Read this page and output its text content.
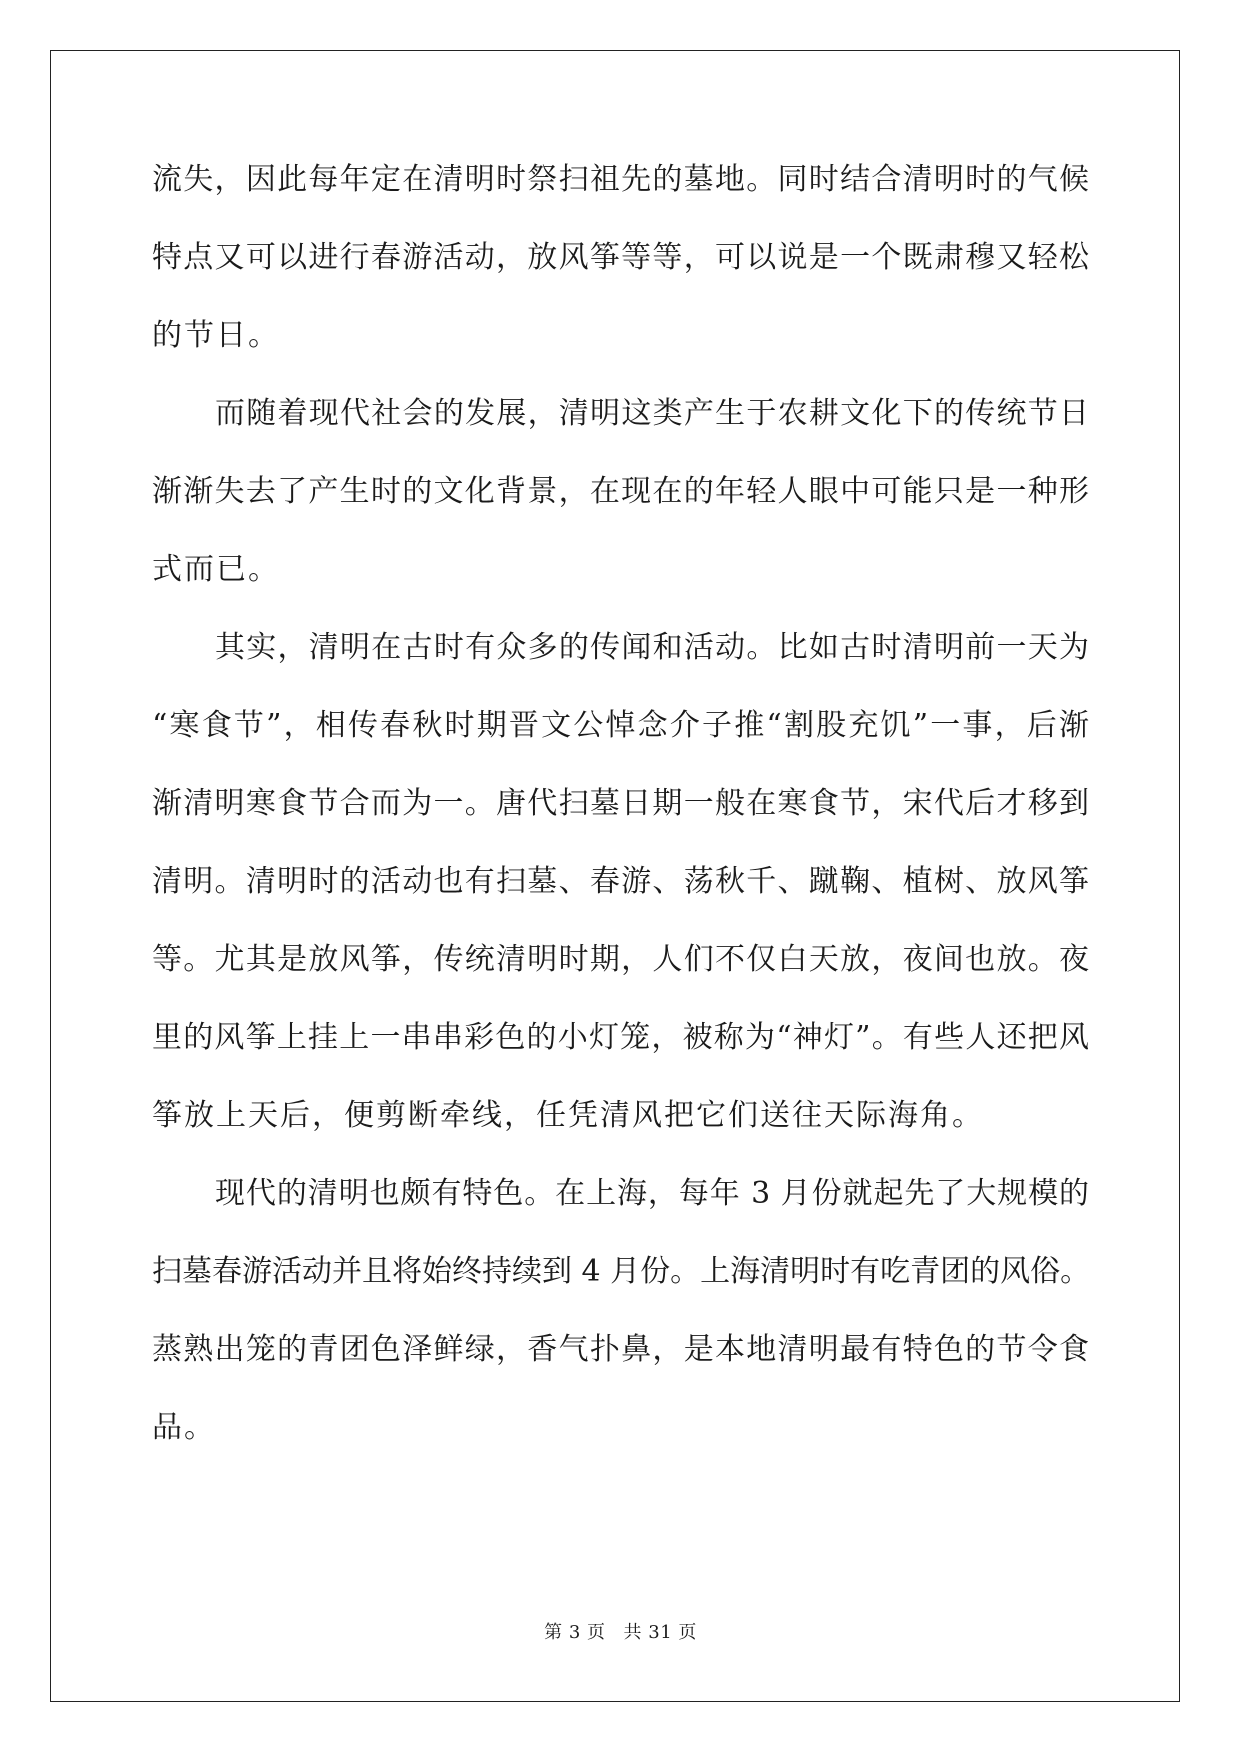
流失，因此每年定在清明时祭扫祖先的墓地。同时结合清明时的气候
特点又可以进行春游活动，放风筝等等，可以说是一个既肃穆又轻松
的节日。
而随着现代社会的发展，清明这类产生于农耕文化下的传统节日
渐渐失去了产生时的文化背景，在现在的年轻人眼中可能只是一种形
式而已。
其实，清明在古时有众多的传闻和活动。比如古时清明前一天为
“寒食节”，相传春秋时期晋文公悼念介子推“割股充饥”一事，后渐
渐清明寒食节合而为一。唐代扫墓日期一般在寒食节，宋代后才移到
清明。清明时的活动也有扫墓、春游、荡秋千、蹴鞠、植树、放风筝
等。尤其是放风筝，传统清明时期，人们不仅白天放，夜间也放。夜
里的风筝上挂上一串串彩色的小灯笼，被称为“神灯”。有些人还把风
筝放上天后，便剪断牵线，任凭清风把它们送往天际海角。
现代的清明也颇有特色。在上海，每年 3 月份就起先了大规模的
扫墓春游活动并且将始终持续到 4 月份。上海清明时有吃青团的风俗。
蒸熟出笼的青团色泽鲜绿，香气扑鼻，是本地清明最有特色的节令食
品。
第 3 页 共 31 页
